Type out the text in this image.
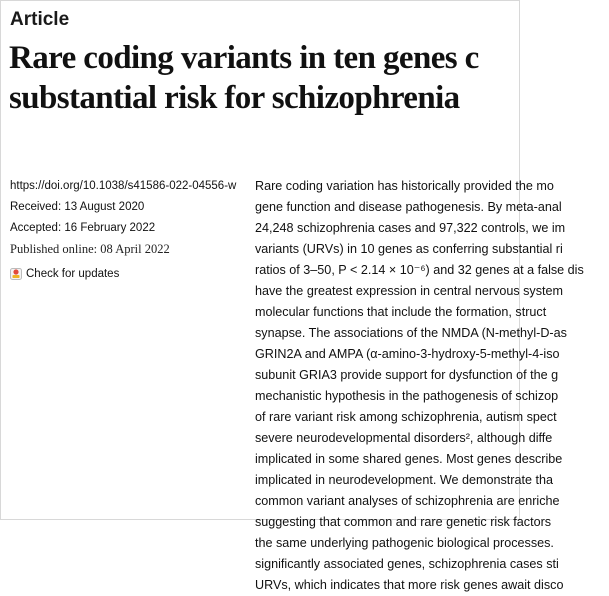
Article
Rare coding variants in ten genes c
substantial risk for schizophrenia
https://doi.org/10.1038/s41586-022-04556-w
Received: 13 August 2020
Accepted: 16 February 2022
Published online: 08 April 2022
Check for updates
Rare coding variation has historically provided the mo
gene function and disease pathogenesis. By meta-anal
24,248 schizophrenia cases and 97,322 controls, we im
variants (URVs) in 10 genes as conferring substantial ri
ratios of 3–50, P < 2.14 × 10⁻⁶) and 32 genes at a false dis
have the greatest expression in central nervous system
molecular functions that include the formation, struct
synapse. The associations of the NMDA (N-methyl-D-as
GRIN2A and AMPA (α-amino-3-hydroxy-5-methyl-4-iso
subunit GRIA3 provide support for dysfunction of the g
mechanistic hypothesis in the pathogenesis of schizop
of rare variant risk among schizophrenia, autism spect
severe neurodevelopmental disorders², although diffe
implicated in some shared genes. Most genes describe
implicated in neurodevelopment. We demonstrate tha
common variant analyses of schizophrenia are enriche
suggesting that common and rare genetic risk factors
the same underlying pathogenic biological processes.
significantly associated genes, schizophrenia cases sti
URVs, which indicates that more risk genes await disco
